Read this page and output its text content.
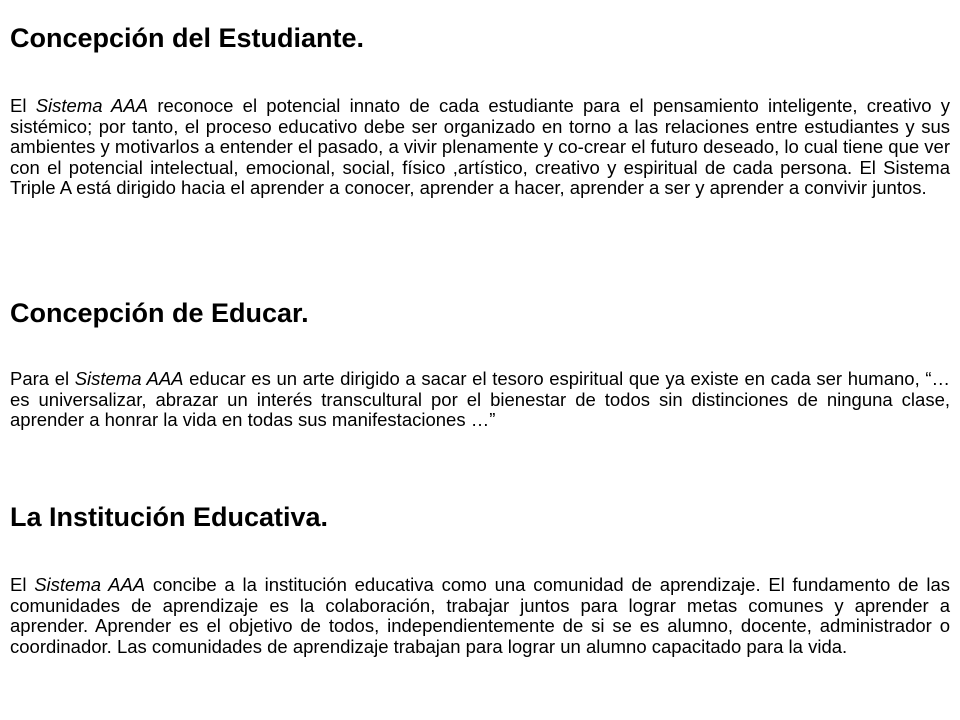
Concepción del Estudiante.

El Sistema AAA reconoce el potencial innato de cada estudiante para el pensamiento inteligente, creativo y sistémico; por tanto, el proceso educativo debe ser organizado en torno a las relaciones entre estudiantes y sus ambientes y motivarlos a entender el pasado, a vivir plenamente y co-crear el futuro deseado, lo cual tiene que ver con el potencial intelectual, emocional, social, físico ,artístico, creativo y espiritual de cada persona. El Sistema Triple A está dirigido hacia el aprender a conocer, aprender a hacer, aprender a ser y aprender a convivir juntos.

Concepción de Educar.

Para el Sistema AAA educar es un arte dirigido a sacar el tesoro espiritual que ya existe en cada ser humano, “…es universalizar, abrazar un interés transcultural por el bienestar de todos sin distinciones de ninguna clase, aprender a honrar la vida en todas sus manifestaciones …”

La Institución Educativa.

El Sistema AAA concibe a la institución educativa como una comunidad de aprendizaje. El fundamento de las comunidades de aprendizaje es la colaboración, trabajar juntos para lograr metas comunes y aprender a aprender. Aprender es el objetivo de todos, independientemente de si se es alumno, docente, administrador o coordinador. Las comunidades de aprendizaje trabajan para lograr un alumno capacitado para la vida.
